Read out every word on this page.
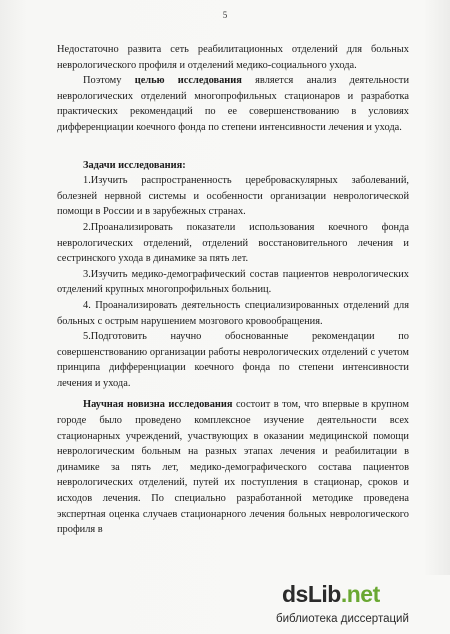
5

Недостаточно развита сеть реабилитационных отделений для больных неврологического профиля и отделений медико-социального ухода.

Поэтому целью исследования является анализ деятельности неврологических отделений многопрофильных стационаров и разработка практических рекомендаций по ее совершенствованию в условиях дифференциации коечного фонда по степени интенсивности лечения и ухода.

Задачи исследования:

1.Изучить распространенность цереброваскулярных заболеваний, болезней нервной системы и особенности организации неврологической помощи в России и в зарубежных странах.

2.Проанализировать показатели использования коечного фонда неврологических отделений, отделений восстановительного лечения и сестринского ухода в динамике за пять лет.

3.Изучить медико-демографический состав пациентов неврологических отделений крупных многопрофильных больниц.

4. Проанализировать деятельность специализированных отделений для больных с острым нарушением мозгового кровообращения.

5.Подготовить научно обоснованные рекомендации по совершенствованию организации работы неврологических отделений с учетом принципа дифференциации коечного фонда по степени интенсивности лечения и ухода.

Научная новизна исследования состоит в том, что впервые в крупном городе было проведено комплексное изучение деятельности всех стационарных учреждений, участвующих в оказании медицинской помощи неврологическим больным на разных этапах лечения и реабилитации в динамике за пять лет, медико-демографического состава пациентов неврологических отделений, путей их поступления в стационар, сроков и исходов лечения. По специально разработанной методике проведена экспертная оценка случаев стационарного лечения больных неврологического профиля в

dsLib.net
библиотека диссертаций
